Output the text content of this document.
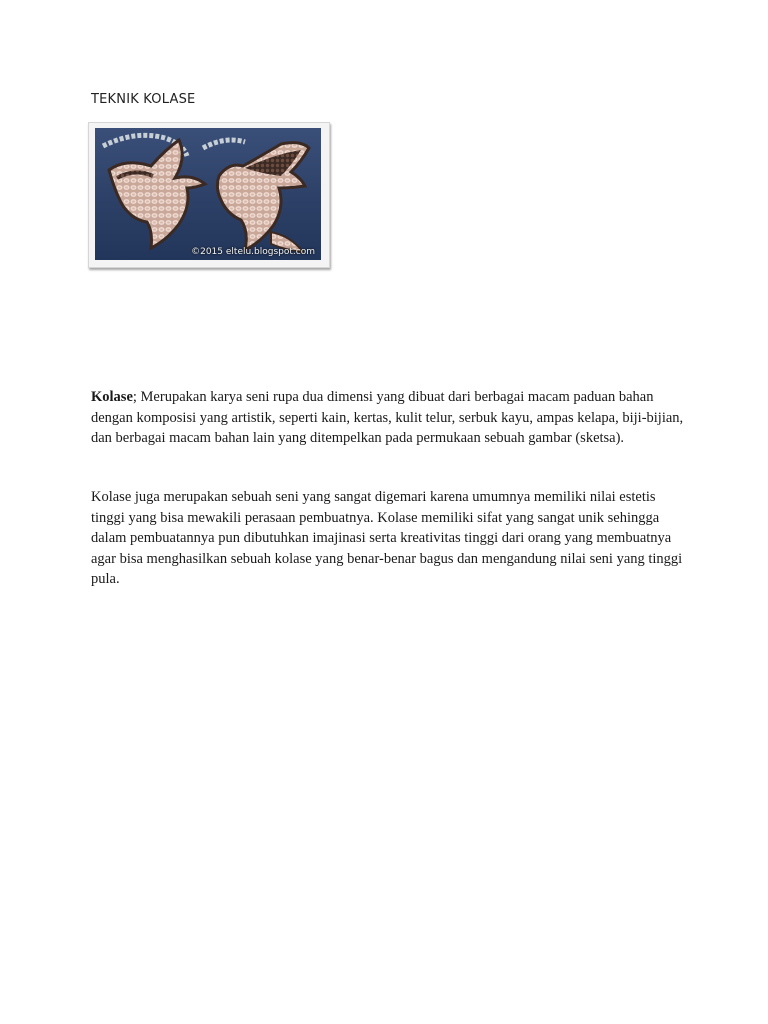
TEKNIK KOLASE
©2015 eltelu.blogspot.com

Kolase; Merupakan karya seni rupa dua dimensi yang dibuat dari berbagai macam paduan bahan dengan komposisi yang artistik, seperti kain, kertas, kulit telur, serbuk kayu, ampas kelapa, biji-bijian, dan berbagai macam bahan lain yang ditempelkan pada permukaan sebuah gambar (sketsa).

Kolase juga merupakan sebuah seni yang sangat digemari karena umumnya memiliki nilai estetis tinggi yang bisa mewakili perasaan pembuatnya. Kolase memiliki sifat yang sangat unik sehingga dalam pembuatannya pun dibutuhkan imajinasi serta kreativitas tinggi dari orang yang membuatnya agar bisa menghasilkan sebuah kolase yang benar-benar bagus dan mengandung nilai seni yang tinggi pula.
